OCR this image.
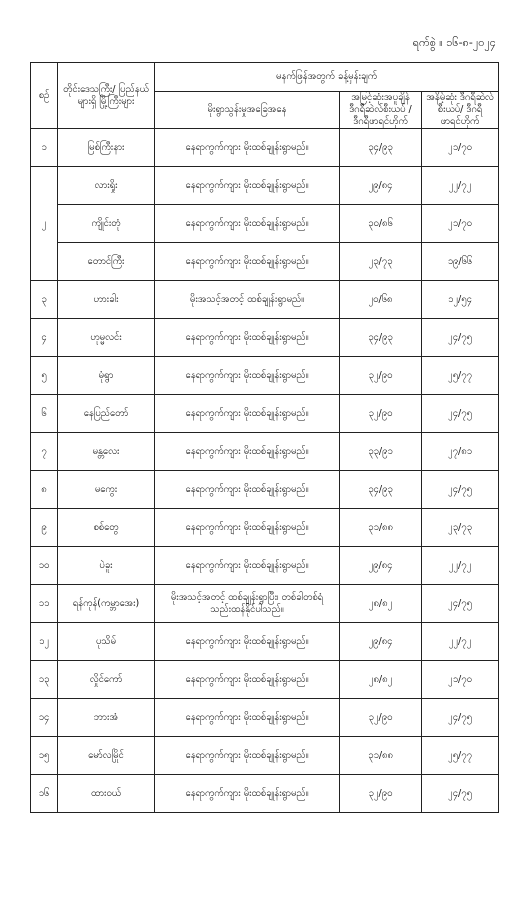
ရက်စွဲ ။ ၁၆-၈-၂၀၂၄
စဉ်	တိုင်းဒေသကြီး/ ပြည်နယ်များရှိ မြို့ကြီးများ	မနက်ဖြန်အတွက် ခန့်မှန်းချက်		
		မိုးရွာသွန်းမှုအခြေအနေ	အမြင့်ဆုံးအပူချိန် ဒီဂရီဆဲလ်စီးယပ် /ဒီဂရီဖာရင်ဟိုက်	အနိမ့်ဆုံး ဒီဂရီဆဲလ်စီးယပ်/ ဒီဂရီဖာရင်ဟိုက်
၁	မြစ်ကြီးနား	နေရာကွက်ကျား မိုးထစ်ချုန်းရွာမည်။	၃၄/၉၃	၂၁/၇၀
၂	လားရှိုး	နေရာကွက်ကျား မိုးထစ်ချုန်းရွာမည်။	၂၉/၈၄	၂၂/၇၂
	ကျိုင်းတုံ	နေရာကွက်ကျား မိုးထစ်ချုန်းရွာမည်။	၃၀/၈၆	၂၁/၇၀
	တောင်ကြီး	နေရာကွက်ကျား မိုးထစ်ချုန်းရွာမည်။	၂၃/၇၃	၁၉/၆၆
၃	ဟားခါး	မိုးအသင့်အတင့် ထစ်ချုန်းရွာမည်။	၂၀/၆၈	၁၂/၅၄
၄	ဟုမ္မလင်း	နေရာကွက်ကျား မိုးထစ်ချုန်းရွာမည်။	၃၄/၉၃	၂၄/၇၅
၅	မုံရွာ	နေရာကွက်ကျား မိုးထစ်ချုန်းရွာမည်။	၃၂/၉၀	၂၅/၇၇
၆	နေပြည်တော်	နေရာကွက်ကျား မိုးထစ်ချုန်းရွာမည်။	၃၂/၉၀	၂၄/၇၅
၇	မန္တလေး	နေရာကွက်ကျား မိုးထစ်ချုန်းရွာမည်။	၃၃/၉၁	၂၇/၈၁
၈	မကွေး	နေရာကွက်ကျား မိုးထစ်ချုန်းရွာမည်။	၃၄/၉၃	၂၄/၇၅
၉	စစ်တွေ	နေရာကွက်ကျား မိုးထစ်ချုန်းရွာမည်။	၃၁/၈၈	၂၃/၇၃
၁၀	ပဲခူး	နေရာကွက်ကျား မိုးထစ်ချုန်းရွာမည်။	၂၉/၈၄	၂၂/၇၂
၁၁	ရန်ကုန်(ကမ္ဘာအေး)	မိုးအသင့်အတင့် ထစ်ချုန်းရွာပြီး၊ တစ်ခါတစ်ရံသည်းထန်နိုင်ပါသည်။	၂၈/၈၂	၂၄/၇၅
၁၂	ပုသိမ်	နေရာကွက်ကျား မိုးထစ်ချုန်းရွာမည်။	၂၉/၈၄	၂၂/၇၂
၁၃	လှိုင်ကော်	နေရာကွက်ကျား မိုးထစ်ချုန်းရွာမည်။	၂၈/၈၂	၂၁/၇၀
၁၄	ဘားအံ	နေရာကွက်ကျား မိုးထစ်ချုန်းရွာမည်။	၃၂/၉၀	၂၄/၇၅
၁၅	မော်လမြိုင်	နေရာကွက်ကျား မိုးထစ်ချုန်းရွာမည်။	၃၁/၈၈	၂၅/၇၇
၁၆	ထားဝယ်	နေရာကွက်ကျား မိုးထစ်ချုန်းရွာမည်။	၃၂/၉၀	၂၄/၇၅
